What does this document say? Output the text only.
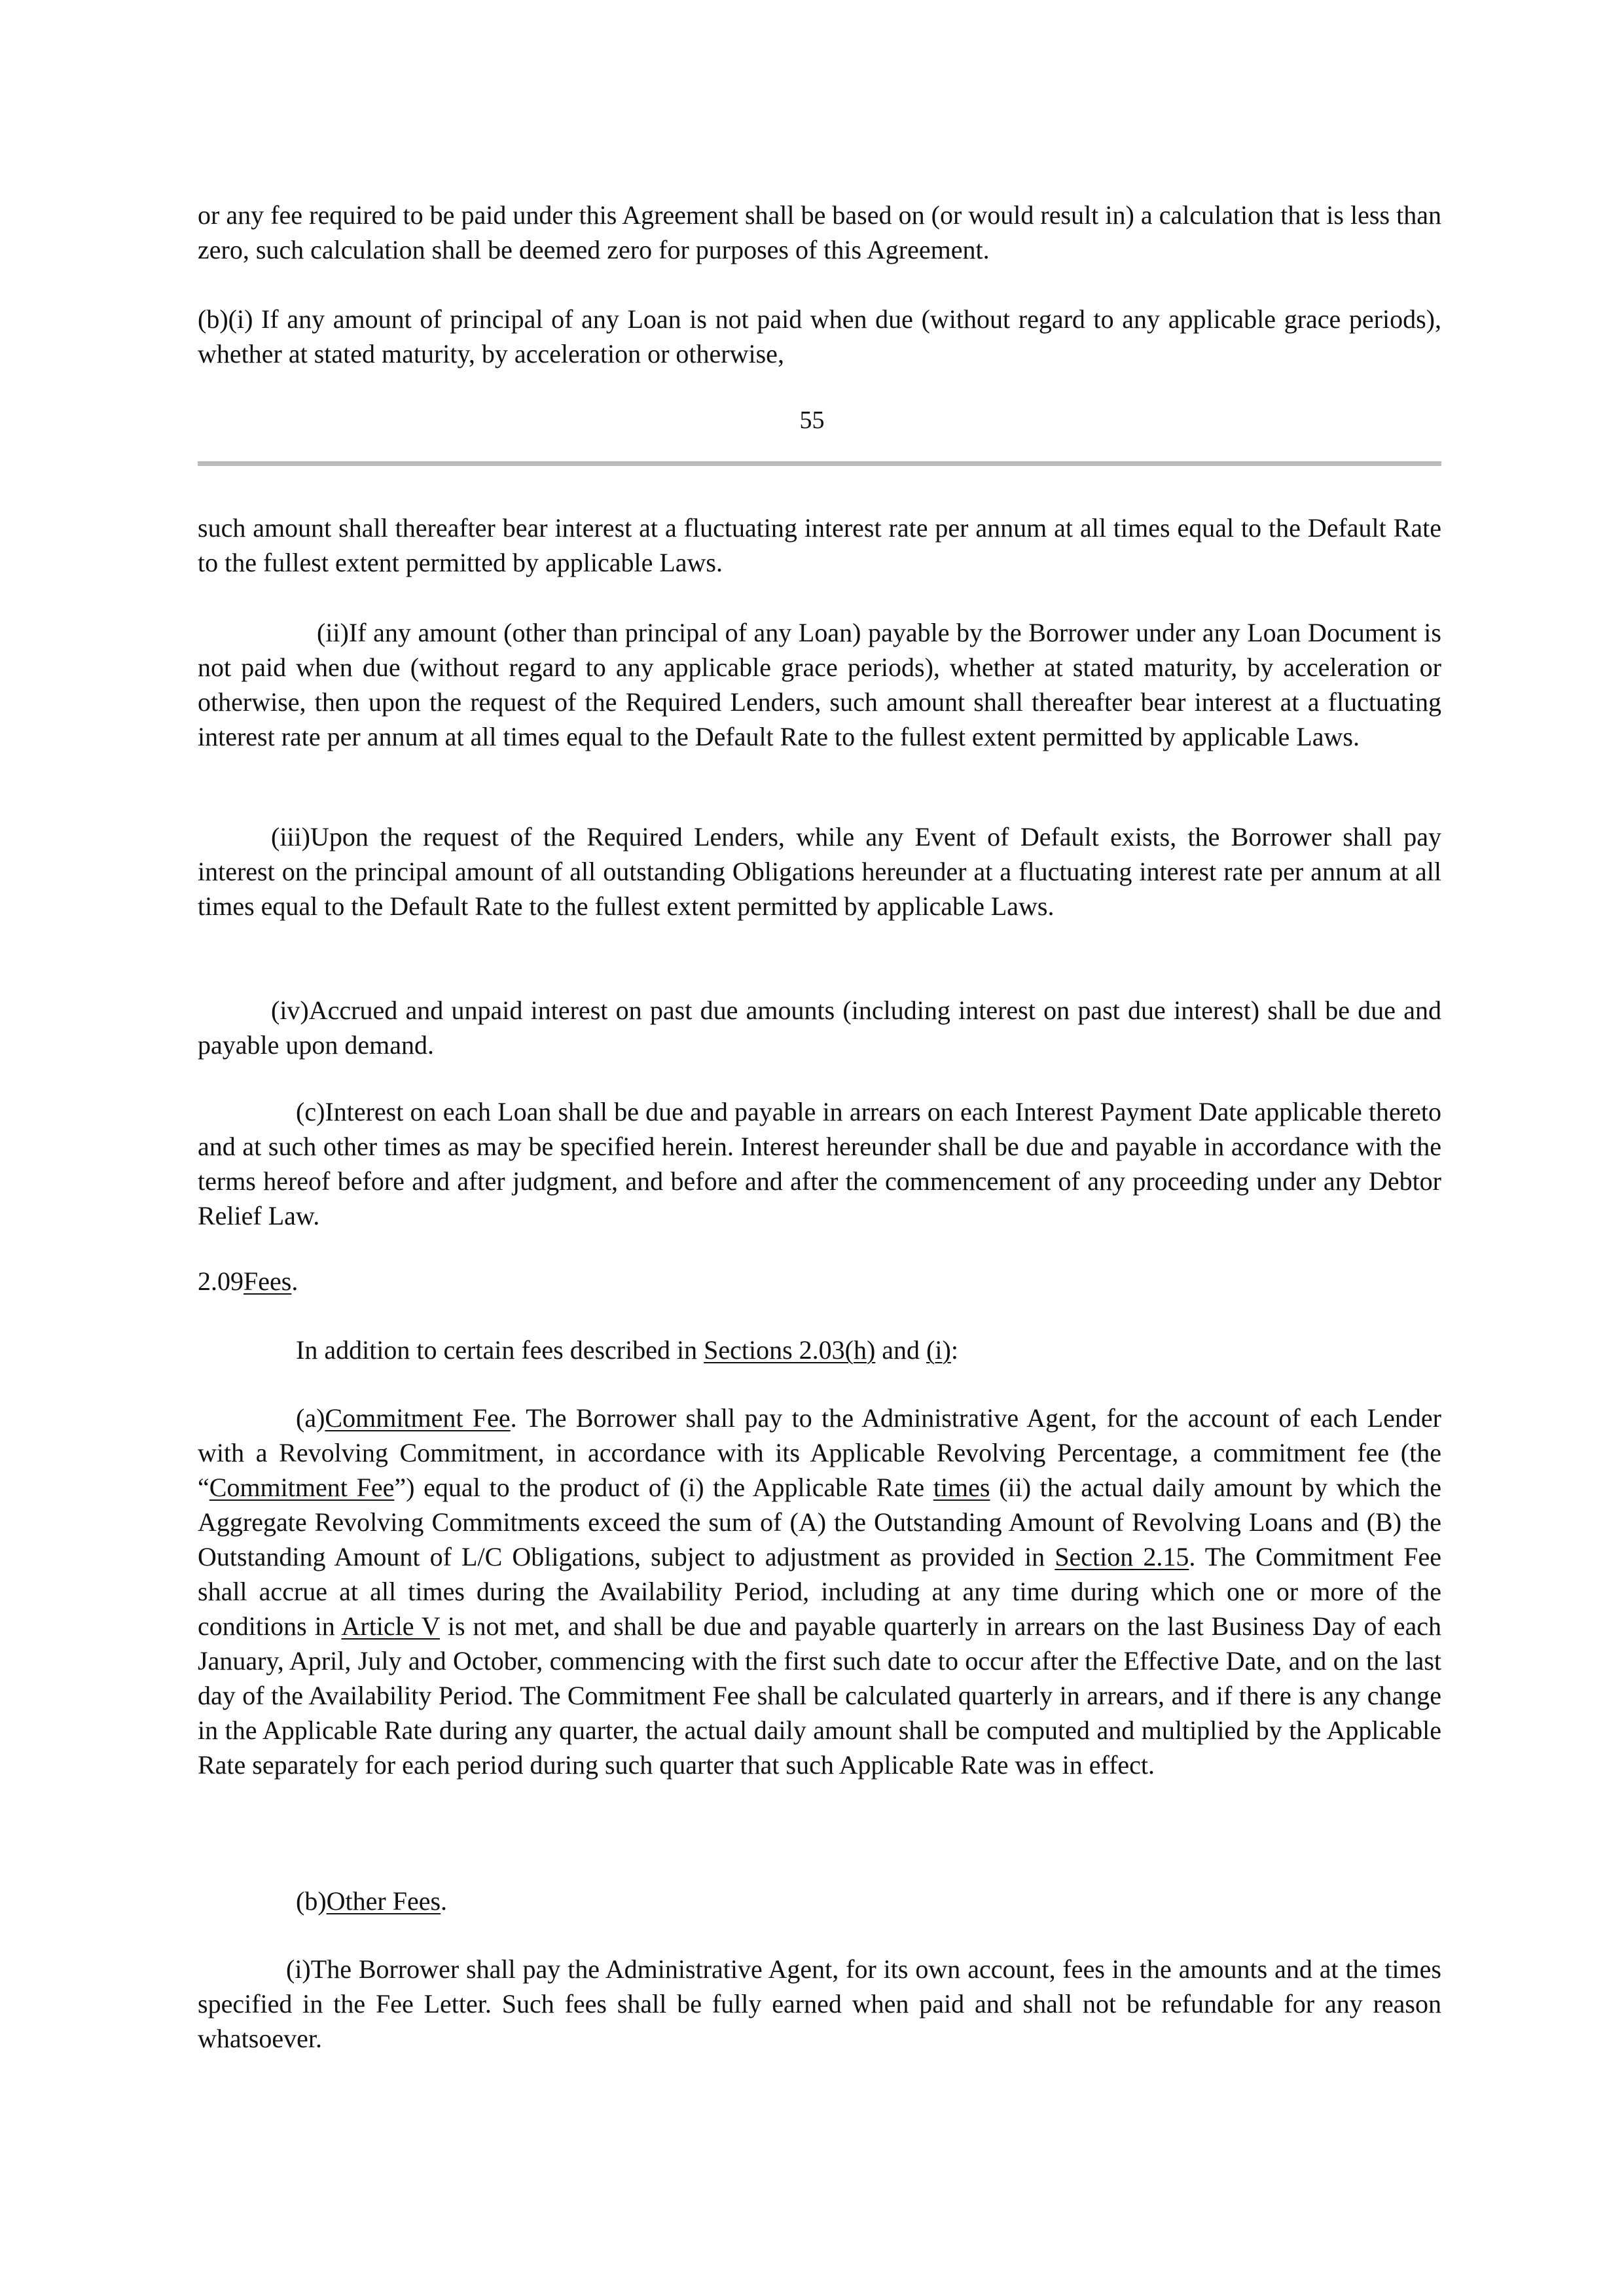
or any fee required to be paid under this Agreement shall be based on (or would result in) a calculation that is less than zero, such calculation shall be deemed zero for purposes of this Agreement.

(b)(i) If any amount of principal of any Loan is not paid when due (without regard to any applicable grace periods), whether at stated maturity, by acceleration or otherwise,

55

such amount shall thereafter bear interest at a fluctuating interest rate per annum at all times equal to the Default Rate to the fullest extent permitted by applicable Laws.

(ii)If any amount (other than principal of any Loan) payable by the Borrower under any Loan Document is not paid when due (without regard to any applicable grace periods), whether at stated maturity, by acceleration or otherwise, then upon the request of the Required Lenders, such amount shall thereafter bear interest at a fluctuating interest rate per annum at all times equal to the Default Rate to the fullest extent permitted by applicable Laws.

(iii)Upon the request of the Required Lenders, while any Event of Default exists, the Borrower shall pay interest on the principal amount of all outstanding Obligations hereunder at a fluctuating interest rate per annum at all times equal to the Default Rate to the fullest extent permitted by applicable Laws.

(iv)Accrued and unpaid interest on past due amounts (including interest on past due interest) shall be due and payable upon demand.

(c)Interest on each Loan shall be due and payable in arrears on each Interest Payment Date applicable thereto and at such other times as may be specified herein. Interest hereunder shall be due and payable in accordance with the terms hereof before and after judgment, and before and after the commencement of any proceeding under any Debtor Relief Law.

2.09Fees.

In addition to certain fees described in Sections 2.03(h) and (i):

(a)Commitment Fee. The Borrower shall pay to the Administrative Agent, for the account of each Lender with a Revolving Commitment, in accordance with its Applicable Revolving Percentage, a commitment fee (the “Commitment Fee”) equal to the product of (i) the Applicable Rate times (ii) the actual daily amount by which the Aggregate Revolving Commitments exceed the sum of (A) the Outstanding Amount of Revolving Loans and (B) the Outstanding Amount of L/C Obligations, subject to adjustment as provided in Section 2.15. The Commitment Fee shall accrue at all times during the Availability Period, including at any time during which one or more of the conditions in Article V is not met, and shall be due and payable quarterly in arrears on the last Business Day of each January, April, July and October, commencing with the first such date to occur after the Effective Date, and on the last day of the Availability Period. The Commitment Fee shall be calculated quarterly in arrears, and if there is any change in the Applicable Rate during any quarter, the actual daily amount shall be computed and multiplied by the Applicable Rate separately for each period during such quarter that such Applicable Rate was in effect.

(b)Other Fees.

(i)The Borrower shall pay the Administrative Agent, for its own account, fees in the amounts and at the times specified in the Fee Letter. Such fees shall be fully earned when paid and shall not be refundable for any reason whatsoever.
